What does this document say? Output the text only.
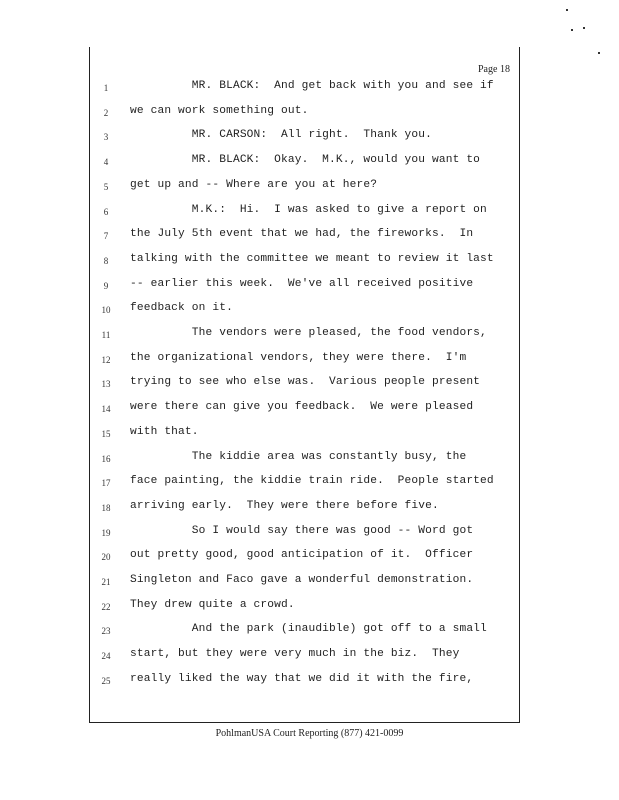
Page 18
1	MR. BLACK:  And get back with you and see if
2	we can work something out.
3	MR. CARSON:  All right.  Thank you.
4	MR. BLACK:  Okay.  M.K., would you want to
5	get up and -- Where are you at here?
6	M.K.:  Hi.  I was asked to give a report on
7	the July 5th event that we had, the fireworks.  In
8	talking with the committee we meant to review it last
9	-- earlier this week.  We've all received positive
10	feedback on it.
11	The vendors were pleased, the food vendors,
12	the organizational vendors, they were there.  I'm
13	trying to see who else was.  Various people present
14	were there can give you feedback.  We were pleased
15	with that.
16	The kiddie area was constantly busy, the
17	face painting, the kiddie train ride.  People started
18	arriving early.  They were there before five.
19	So I would say there was good -- Word got
20	out pretty good, good anticipation of it.  Officer
21	Singleton and Faco gave a wonderful demonstration.
22	They drew quite a crowd.
23	And the park (inaudible) got off to a small
24	start, but they were very much in the biz.  They
25	really liked the way that we did it with the fire,
PohlmanUSA Court Reporting (877) 421-0099
